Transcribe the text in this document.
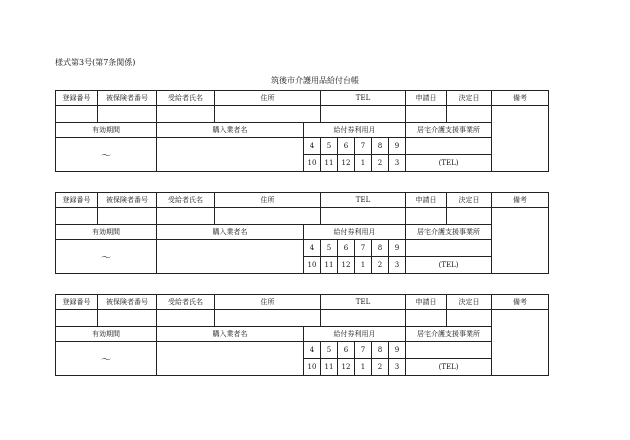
様式第3号(第7条関係)
筑後市介護用品給付台帳
登録番号	被保険者番号	受給者氏名	住所		TEL					申請日	決定日	備考

有効期間		購入業者名		給付券利用月						居宅介護支援事業所		
～				4	5	6	7	8	9			
				10	11	12	1	2	3	(TEL)		
登録番号	被保険者番号	受給者氏名	住所		TEL					申請日	決定日	備考

有効期間		購入業者名		給付券利用月						居宅介護支援事業所		
～				4	5	6	7	8	9			
				10	11	12	1	2	3	(TEL)		
登録番号	被保険者番号	受給者氏名	住所		TEL					申請日	決定日	備考

有効期間		購入業者名		給付券利用月						居宅介護支援事業所		
～				4	5	6	7	8	9			
				10	11	12	1	2	3	(TEL)		
